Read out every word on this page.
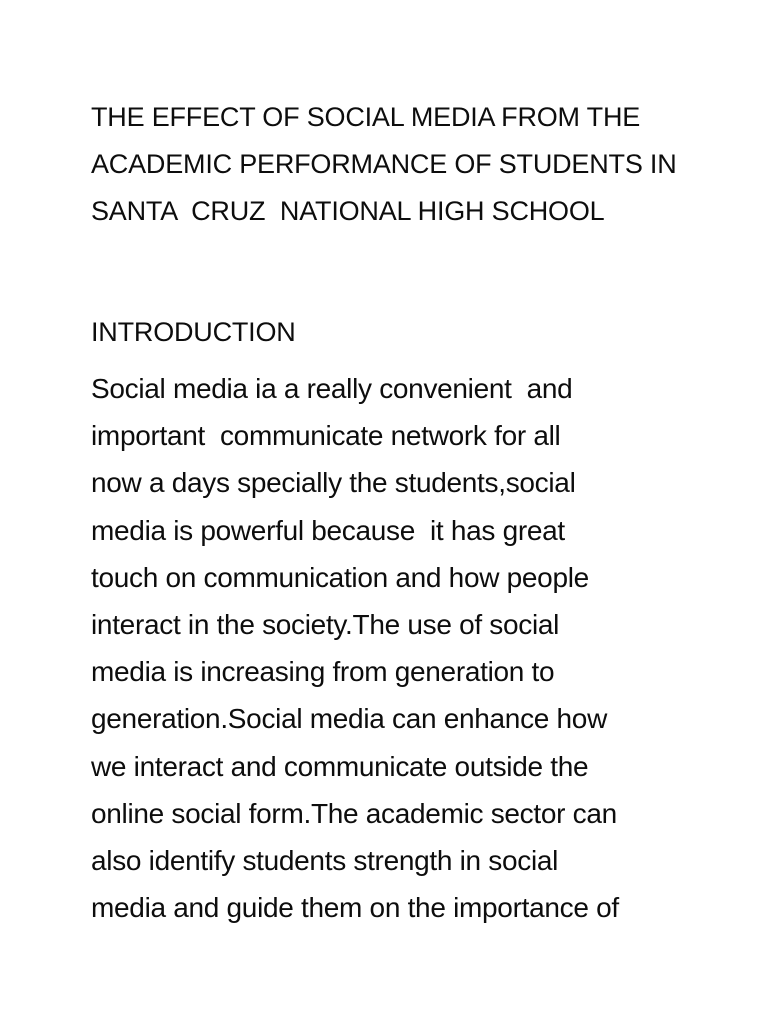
THE EFFECT OF SOCIAL MEDIA FROM THE

ACADEMIC PERFORMANCE OF STUDENTS IN

SANTA  CRUZ  NATIONAL HIGH SCHOOL

INTRODUCTION

Social media ia a really convenient  and

important  communicate network for all

now a days specially the students,social

media is powerful because  it has great

touch on communication and how people

interact in the society.The use of social

media is increasing from generation to

generation.Social media can enhance how

we interact and communicate outside the

online social form.The academic sector can

also identify students strength in social

media and guide them on the importance of
